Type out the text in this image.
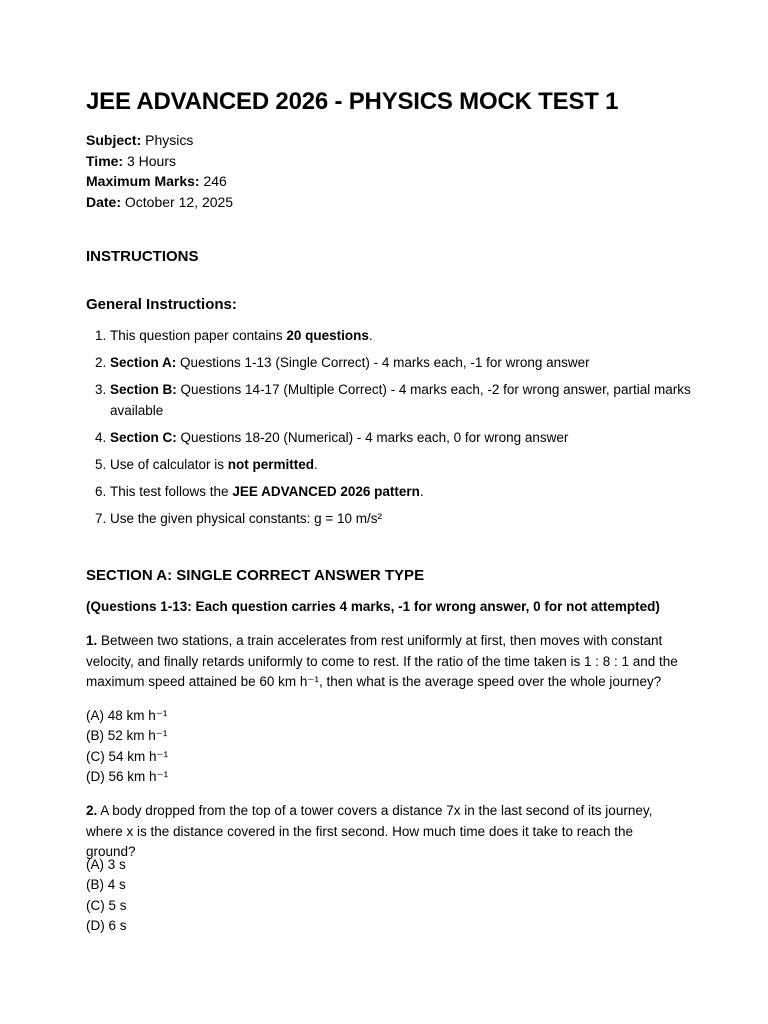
JEE ADVANCED 2026 - PHYSICS MOCK TEST 1
Subject: Physics
Time: 3 Hours
Maximum Marks: 246
Date: October 12, 2025
INSTRUCTIONS
General Instructions:
1. This question paper contains 20 questions.
2. Section A: Questions 1-13 (Single Correct) - 4 marks each, -1 for wrong answer
3. Section B: Questions 14-17 (Multiple Correct) - 4 marks each, -2 for wrong answer, partial marks available
4. Section C: Questions 18-20 (Numerical) - 4 marks each, 0 for wrong answer
5. Use of calculator is not permitted.
6. This test follows the JEE ADVANCED 2026 pattern.
7. Use the given physical constants: g = 10 m/s²
SECTION A: SINGLE CORRECT ANSWER TYPE
(Questions 1-13: Each question carries 4 marks, -1 for wrong answer, 0 for not attempted)
1. Between two stations, a train accelerates from rest uniformly at first, then moves with constant velocity, and finally retards uniformly to come to rest. If the ratio of the time taken is 1 : 8 : 1 and the maximum speed attained be 60 km h⁻¹, then what is the average speed over the whole journey?
(A) 48 km h⁻¹
(B) 52 km h⁻¹
(C) 54 km h⁻¹
(D) 56 km h⁻¹
2. A body dropped from the top of a tower covers a distance 7x in the last second of its journey, where x is the distance covered in the first second. How much time does it take to reach the ground?
(A) 3 s
(B) 4 s
(C) 5 s
(D) 6 s
